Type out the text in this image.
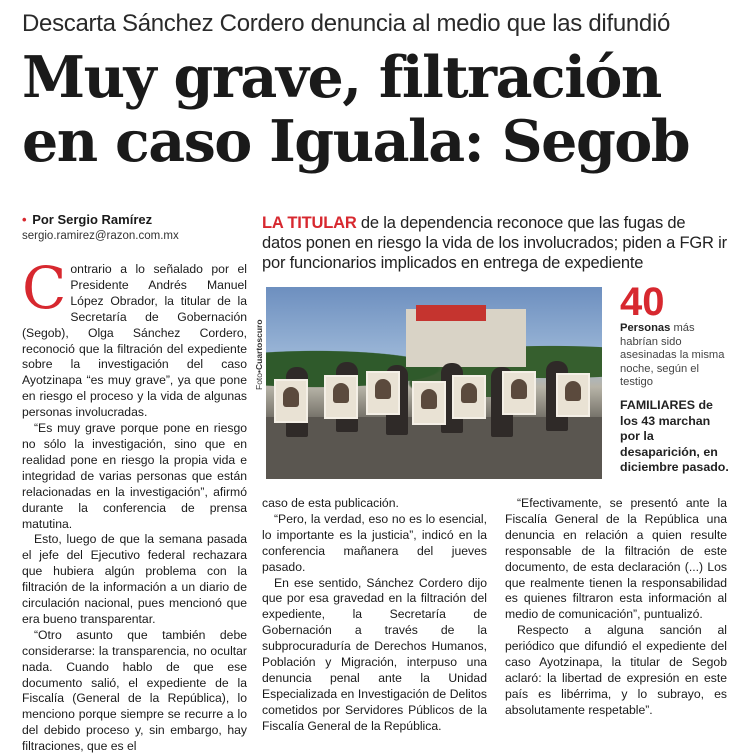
Descarta Sánchez Cordero denuncia al medio que las difundió
Muy grave, filtración en caso Iguala: Segob
• Por Sergio Ramírez
sergio.ramirez@razon.com.mx

LA TITULAR de la dependencia reconoce que las fugas de datos ponen en riesgo la vida de los involucrados; piden a FGR ir por funcionarios implicados en entrega de expediente

Contrario a lo señalado por el Presidente Andrés Manuel López Obrador, la titular de la Secretaría de Gobernación (Segob), Olga Sánchez Cordero, reconoció que la filtración del expediente sobre la investigación del caso Ayotzinapa “es muy grave”, ya que pone en riesgo el proceso y la vida de algunas personas involucradas.

“Es muy grave porque pone en riesgo no sólo la investigación, sino que en realidad pone en riesgo la propia vida e integridad de varias personas que están relacionadas en la investigación”, afirmó durante la conferencia de prensa matutina.

Esto, luego de que la semana pasada el jefe del Ejecutivo federal rechazara que hubiera algún problema con la filtración de la información a un diario de circulación nacional, pues mencionó que era bueno transparentar.

“Otro asunto que también debe considerarse: la transparencia, no ocultar nada. Cuando hablo de que ese documento salió, el expediente de la Fiscalía (General de la República), lo menciono porque siempre se recurre a lo del debido proceso y, sin embargo, hay filtraciones, que es el

Foto•Cuartoscuro
40

Personas más habrían sido asesinadas la misma noche, según el testigo

FAMILIARES de los 43 marchan por la desaparición, en diciembre pasado.

caso de esta publicación.

“Pero, la verdad, eso no es lo esencial, lo importante es la justicia”, indicó en la conferencia mañanera del jueves pasado.

En ese sentido, Sánchez Cordero dijo que por esa gravedad en la filtración del expediente, la Secretaría de Gobernación a través de la subprocuraduría de Derechos Humanos, Población y Migración, interpuso una denuncia penal ante la Unidad Especializada en Investigación de Delitos cometidos por Servidores Públicos de la Fiscalía General de la República.

“Efectivamente, se presentó ante la Fiscalía General de la República una denuncia en relación a quien resulte responsable de la filtración de este documento, de esta declaración (...) Los que realmente tienen la responsabilidad es quienes filtraron esta información al medio de comunicación”, puntualizó.

Respecto a alguna sanción al periódico que difundió el expediente del caso Ayotzinapa, la titular de Segob aclaró: la libertad de expresión en este país es libérrima, y lo subrayo, es absolutamente respetable”.
